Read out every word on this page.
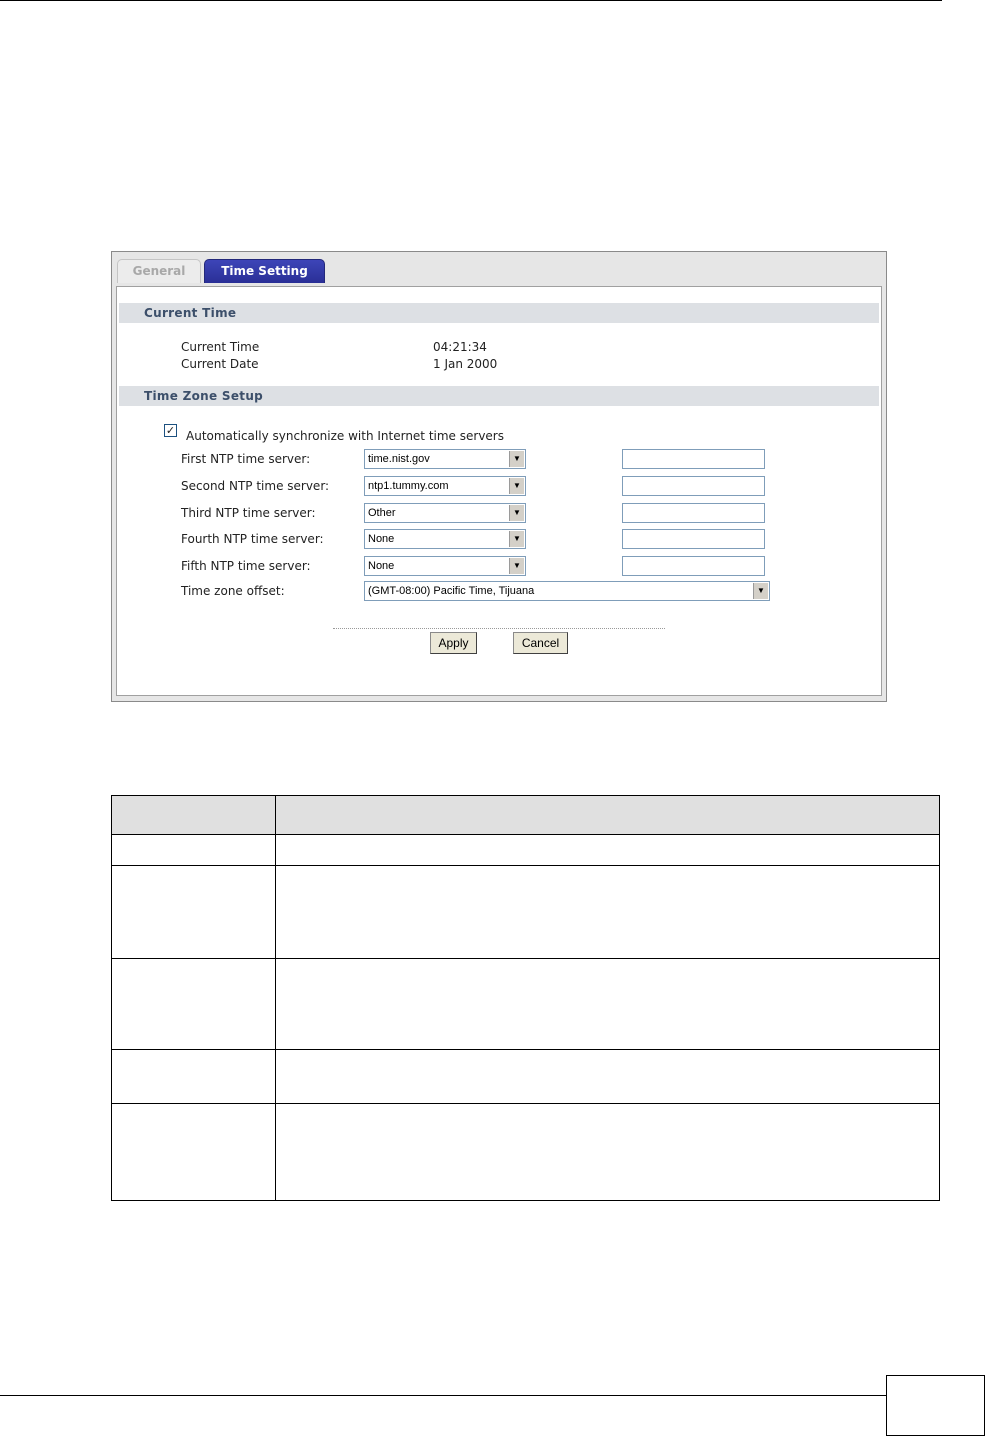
General	Time Setting
Current Time
Current Time	04:21:34
Current Date	1 Jan 2000
Time Zone Setup
✓ Automatically synchronize with Internet time servers
First NTP time server:	time.nist.gov	▼
Second NTP time server:	ntp1.tummy.com	▼
Third NTP time server:	Other	▼
Fourth NTP time server:	None	▼
Fifth NTP time server:	None	▼
Time zone offset:	(GMT-08:00) Pacific Time, Tijuana	▼
Apply	Cancel
